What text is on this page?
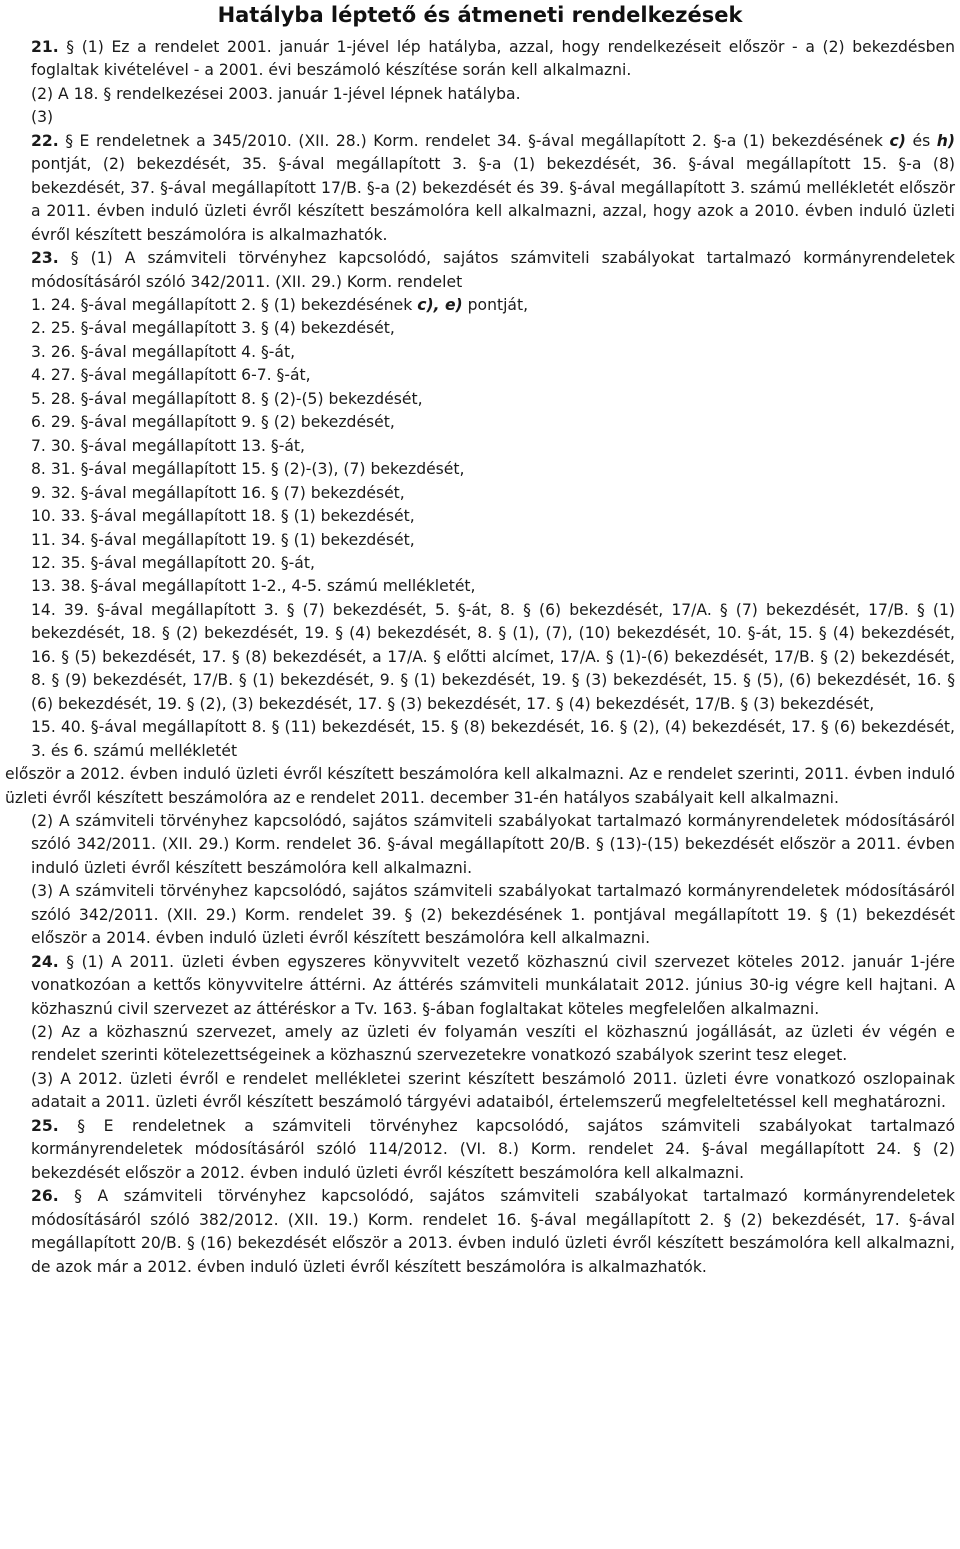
Hatályba léptető és átmeneti rendelkezések

21. § (1) Ez a rendelet 2001. január 1-jével lép hatályba, azzal, hogy rendelkezéseit először - a (2) bekezdésben foglaltak kivételével - a 2001. évi beszámoló készítése során kell alkalmazni.

(2) A 18. § rendelkezései 2003. január 1-jével lépnek hatályba.

(3)

22. § E rendeletnek a 345/2010. (XII. 28.) Korm. rendelet 34. §-ával megállapított 2. §-a (1) bekezdésének c) és h) pontját, (2) bekezdését, 35. §-ával megállapított 3. §-a (1) bekezdését, 36. §-ával megállapított 15. §-a (8) bekezdését, 37. §-ával megállapított 17/B. §-a (2) bekezdését és 39. §-ával megállapított 3. számú mellékletét először a 2011. évben induló üzleti évről készített beszámolóra kell alkalmazni, azzal, hogy azok a 2010. évben induló üzleti évről készített beszámolóra is alkalmazhatók.

23. § (1) A számviteli törvényhez kapcsolódó, sajátos számviteli szabályokat tartalmazó kormányrendeletek módosításáról szóló 342/2011. (XII. 29.) Korm. rendelet

1. 24. §-ával megállapított 2. § (1) bekezdésének c), e) pontját,

2. 25. §-ával megállapított 3. § (4) bekezdését,

3. 26. §-ával megállapított 4. §-át,

4. 27. §-ával megállapított 6-7. §-át,

5. 28. §-ával megállapított 8. § (2)-(5) bekezdését,

6. 29. §-ával megállapított 9. § (2) bekezdését,

7. 30. §-ával megállapított 13. §-át,

8. 31. §-ával megállapított 15. § (2)-(3), (7) bekezdését,

9. 32. §-ával megállapított 16. § (7) bekezdését,

10. 33. §-ával megállapított 18. § (1) bekezdését,

11. 34. §-ával megállapított 19. § (1) bekezdését,

12. 35. §-ával megállapított 20. §-át,

13. 38. §-ával megállapított 1-2., 4-5. számú mellékletét,

14. 39. §-ával megállapított 3. § (7) bekezdését, 5. §-át, 8. § (6) bekezdését, 17/A. § (7) bekezdését, 17/B. § (1) bekezdését, 18. § (2) bekezdését, 19. § (4) bekezdését, 8. § (1), (7), (10) bekezdését, 10. §-át, 15. § (4) bekezdését, 16. § (5) bekezdését, 17. § (8) bekezdését, a 17/A. § előtti alcímet, 17/A. § (1)-(6) bekezdését, 17/B. § (2) bekezdését, 8. § (9) bekezdését, 17/B. § (1) bekezdését, 9. § (1) bekezdését, 19. § (3) bekezdését, 15. § (5), (6) bekezdését, 16. § (6) bekezdését, 19. § (2), (3) bekezdését, 17. § (3) bekezdését, 17. § (4) bekezdését, 17/B. § (3) bekezdését,

15. 40. §-ával megállapított 8. § (11) bekezdését, 15. § (8) bekezdését, 16. § (2), (4) bekezdését, 17. § (6) bekezdését, 3. és 6. számú mellékletét

először a 2012. évben induló üzleti évről készített beszámolóra kell alkalmazni. Az e rendelet szerinti, 2011. évben induló üzleti évről készített beszámolóra az e rendelet 2011. december 31-én hatályos szabályait kell alkalmazni.

(2) A számviteli törvényhez kapcsolódó, sajátos számviteli szabályokat tartalmazó kormányrendeletek módosításáról szóló 342/2011. (XII. 29.) Korm. rendelet 36. §-ával megállapított 20/B. § (13)-(15) bekezdését először a 2011. évben induló üzleti évről készített beszámolóra kell alkalmazni.

(3) A számviteli törvényhez kapcsolódó, sajátos számviteli szabályokat tartalmazó kormányrendeletek módosításáról szóló 342/2011. (XII. 29.) Korm. rendelet 39. § (2) bekezdésének 1. pontjával megállapított 19. § (1) bekezdését először a 2014. évben induló üzleti évről készített beszámolóra kell alkalmazni.

24. § (1) A 2011. üzleti évben egyszeres könyvvitelt vezető közhasznú civil szervezet köteles 2012. január 1-jére vonatkozóan a kettős könyvvitelre áttérni. Az áttérés számviteli munkálatait 2012. június 30-ig végre kell hajtani. A közhasznú civil szervezet az áttéréskor a Tv. 163. §-ában foglaltakat köteles megfelelően alkalmazni.

(2) Az a közhasznú szervezet, amely az üzleti év folyamán veszíti el közhasznú jogállását, az üzleti év végén e rendelet szerinti kötelezettségeinek a közhasznú szervezetekre vonatkozó szabályok szerint tesz eleget.

(3) A 2012. üzleti évről e rendelet mellékletei szerint készített beszámoló 2011. üzleti évre vonatkozó oszlopainak adatait a 2011. üzleti évről készített beszámoló tárgyévi adataiból, értelemszerű megfeleltetéssel kell meghatározni.

25. § E rendeletnek a számviteli törvényhez kapcsolódó, sajátos számviteli szabályokat tartalmazó kormányrendeletek módosításáról szóló 114/2012. (VI. 8.) Korm. rendelet 24. §-ával megállapított 24. § (2) bekezdését először a 2012. évben induló üzleti évről készített beszámolóra kell alkalmazni.

26. § A számviteli törvényhez kapcsolódó, sajátos számviteli szabályokat tartalmazó kormányrendeletek módosításáról szóló 382/2012. (XII. 19.) Korm. rendelet 16. §-ával megállapított 2. § (2) bekezdését, 17. §-ával megállapított 20/B. § (16) bekezdését először a 2013. évben induló üzleti évről készített beszámolóra kell alkalmazni, de azok már a 2012. évben induló üzleti évről készített beszámolóra is alkalmazhatók.
